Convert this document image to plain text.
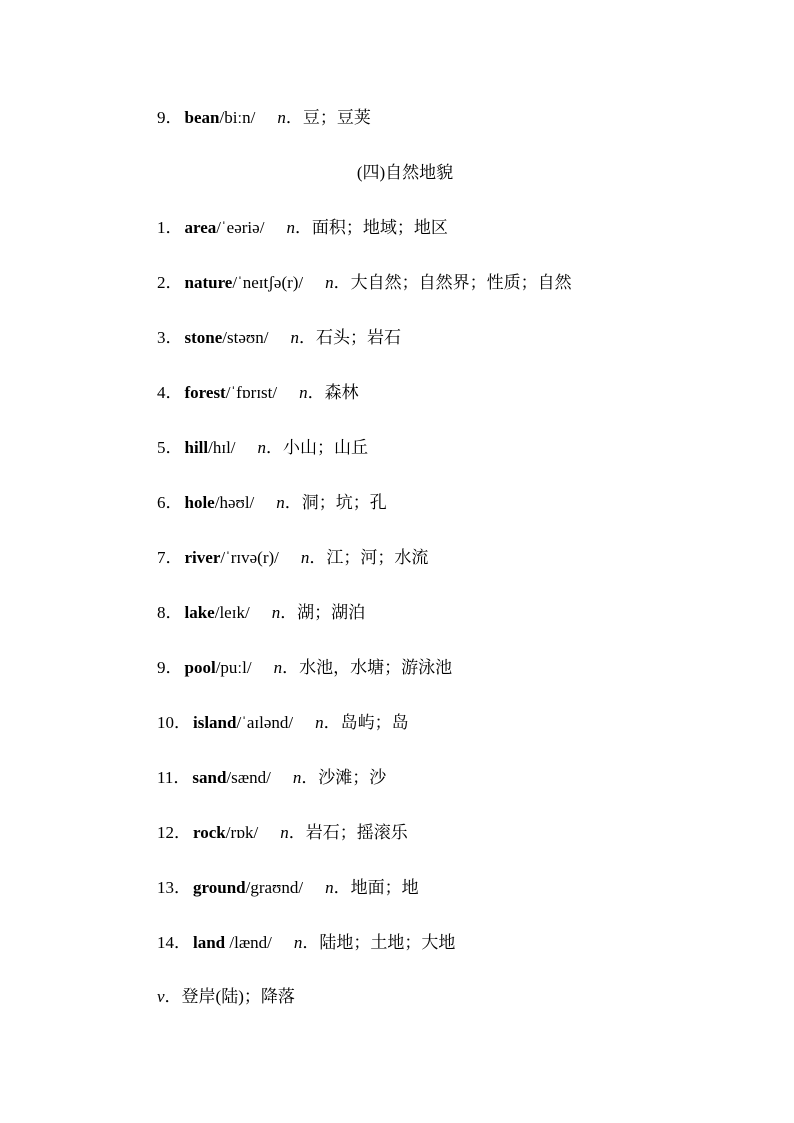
9． bean/biːn/ n．豆；豆荚
(四)自然地貌
1． area/ˈeəriə/ n．面积；地域；地区
2． nature/ˈneɪtʃə(r)/ n．大自然；自然界；性质；自然
3． stone/stəʊn/ n．石头；岩石
4． forest/ˈfɒrɪst/ n．森林
5． hill/hɪl/ n．小山；山丘
6． hole/həʊl/ n．洞；坑；孔
7． river/ˈrɪvə(r)/ n．江；河；水流
8． lake/leɪk/ n．湖；湖泊
9． pool/puːl/ n．水池，水塘；游泳池
10． island/ˈaɪlənd/ n．岛屿；岛
11． sand/sænd/ n．沙滩；沙
12． rock/rɒk/ n．岩石；摇滚乐
13． ground/graʊnd/ n．地面；地
14． land /lænd/ n．陆地；土地；大地
v．登岸(陆)；降落
